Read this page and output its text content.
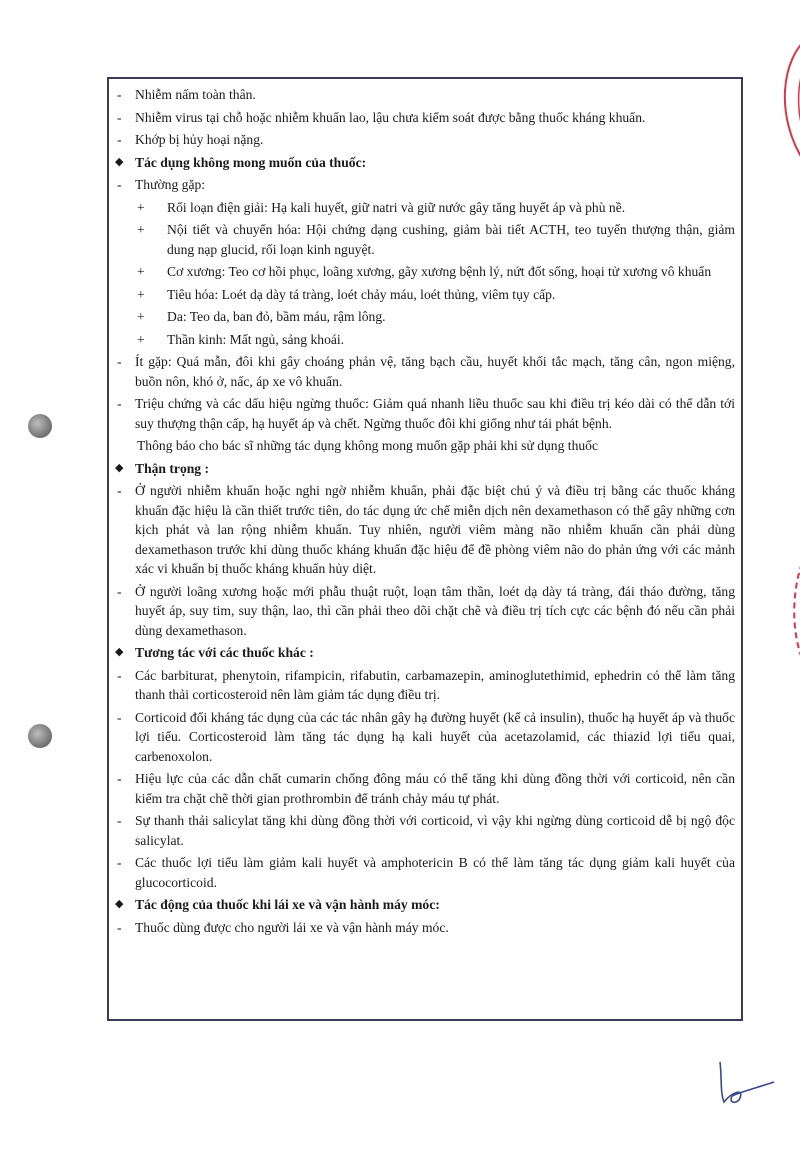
- Nhiễm nấm toàn thân.
- Nhiễm virus tại chỗ hoặc nhiễm khuẩn lao, lậu chưa kiểm soát được bằng thuốc kháng khuẩn.
- Khớp bị hủy hoại nặng.
◆ Tác dụng không mong muốn của thuốc:
- Thường gặp:
+ Rối loạn điện giải: Hạ kali huyết, giữ natri và giữ nước gây tăng huyết áp và phù nề.
+ Nội tiết và chuyển hóa: Hội chứng dạng cushing, giảm bài tiết ACTH, teo tuyến thượng thận, giảm dung nạp glucid, rối loạn kinh nguyệt.
+ Cơ xương: Teo cơ hồi phục, loãng xương, gãy xương bệnh lý, nứt đốt sống, hoại tử xương vô khuẩn
+ Tiêu hóa: Loét dạ dày tá tràng, loét chảy máu, loét thủng, viêm tụy cấp.
+ Da: Teo da, ban đỏ, bầm máu, rậm lông.
+ Thần kinh: Mất ngủ, sảng khoái.
- Ít gặp: Quá mẫn, đôi khi gây choáng phản vệ, tăng bạch cầu, huyết khối tắc mạch, tăng cân, ngon miệng, buồn nôn, khó ở, nấc, áp xe vô khuẩn.
- Triệu chứng và các dấu hiệu ngừng thuốc: Giảm quá nhanh liều thuốc sau khi điều trị kéo dài có thể dẫn tới suy thượng thận cấp, hạ huyết áp và chết. Ngừng thuốc đôi khi giống như tái phát bệnh.
Thông báo cho bác sĩ những tác dụng không mong muốn gặp phải khi sử dụng thuốc
◆ Thận trọng :
- Ở người nhiễm khuẩn hoặc nghi ngờ nhiễm khuẩn, phải đặc biệt chú ý và điều trị bằng các thuốc kháng khuẩn đặc hiệu là cần thiết trước tiên, do tác dụng ức chế miễn dịch nên dexamethason có thể gây những cơn kịch phát và lan rộng nhiễm khuẩn. Tuy nhiên, người viêm màng não nhiễm khuẩn cần phải dùng dexamethason trước khi dùng thuốc kháng khuẩn đặc hiệu để đề phòng viêm não do phản ứng với các mảnh xác vi khuẩn bị thuốc kháng khuẩn hủy diệt.
- Ở người loãng xương hoặc mới phẫu thuật ruột, loạn tâm thần, loét dạ dày tá tràng, đái tháo đường, tăng huyết áp, suy tim, suy thận, lao, thì cần phải theo dõi chặt chẽ và điều trị tích cực các bệnh đó nếu cần phải dùng dexamethason.
◆ Tương tác với các thuốc khác :
- Các barbiturat, phenytoin, rifampicin, rifabutin, carbamazepin, aminoglutethimid, ephedrin có thể làm tăng thanh thải corticosteroid nên làm giảm tác dụng điều trị.
- Corticoid đối kháng tác dụng của các tác nhân gây hạ đường huyết (kể cả insulin), thuốc hạ huyết áp và thuốc lợi tiểu. Corticosteroid làm tăng tác dụng hạ kali huyết của acetazolamid, các thiazid lợi tiểu quai, carbenoxolon.
- Hiệu lực của các dẫn chất cumarin chống đông máu có thể tăng khi dùng đồng thời với corticoid, nên cần kiểm tra chặt chẽ thời gian prothrombin để tránh chảy máu tự phát.
- Sự thanh thải salicylat tăng khi dùng đồng thời với corticoid, vì vậy khi ngừng dùng corticoid dễ bị ngộ độc salicylat.
- Các thuốc lợi tiểu làm giảm kali huyết và amphotericin B có thể làm tăng tác dụng giảm kali huyết của glucocorticoid.
◆ Tác động của thuốc khi lái xe và vận hành máy móc:
- Thuốc dùng được cho người lái xe và vận hành máy móc.
